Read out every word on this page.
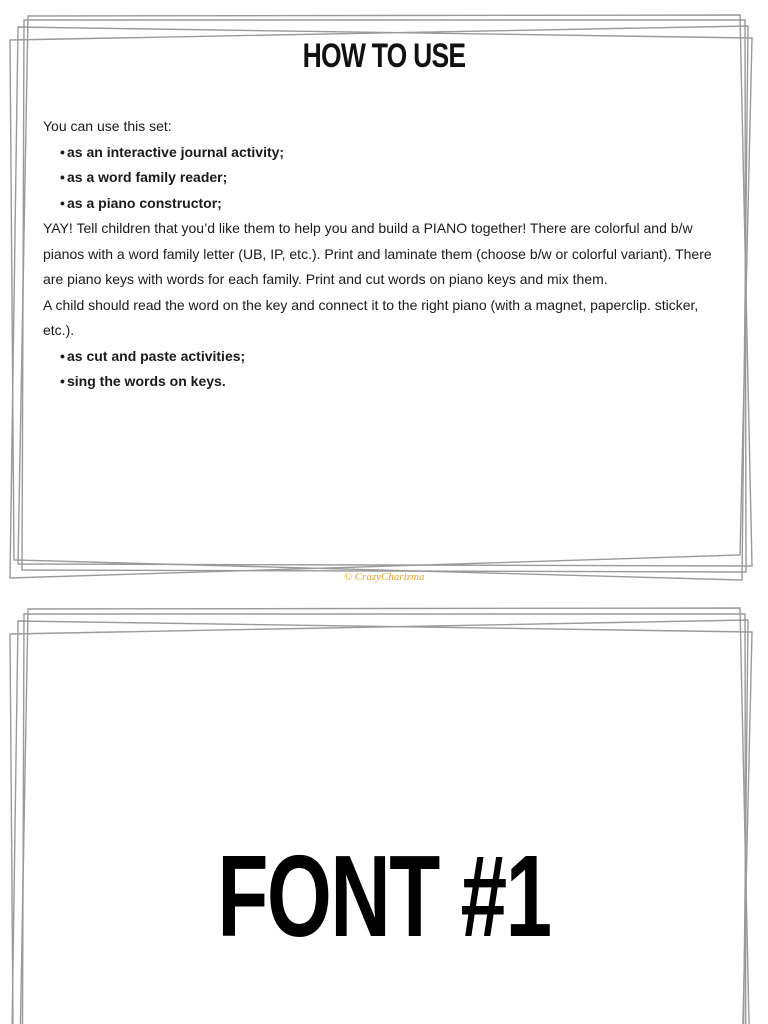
HOW TO USE

You can use this set:

• as an interactive journal activity;
• as a word family reader;
• as a piano constructor;

YAY! Tell children that you’d like them to help you and build a PIANO together! There are colorful and b/w pianos with a word family letter (UB, IP, etc.). Print and laminate them (choose b/w or colorful variant). There are piano keys with words for each family. Print and cut words on piano keys and mix them.

A child should read the word on the key and connect it to the right piano (with a magnet, paperclip. sticker, etc.).

• as cut and paste activities;
• sing the words on keys.
© CrazyCharizma
FONT #1
